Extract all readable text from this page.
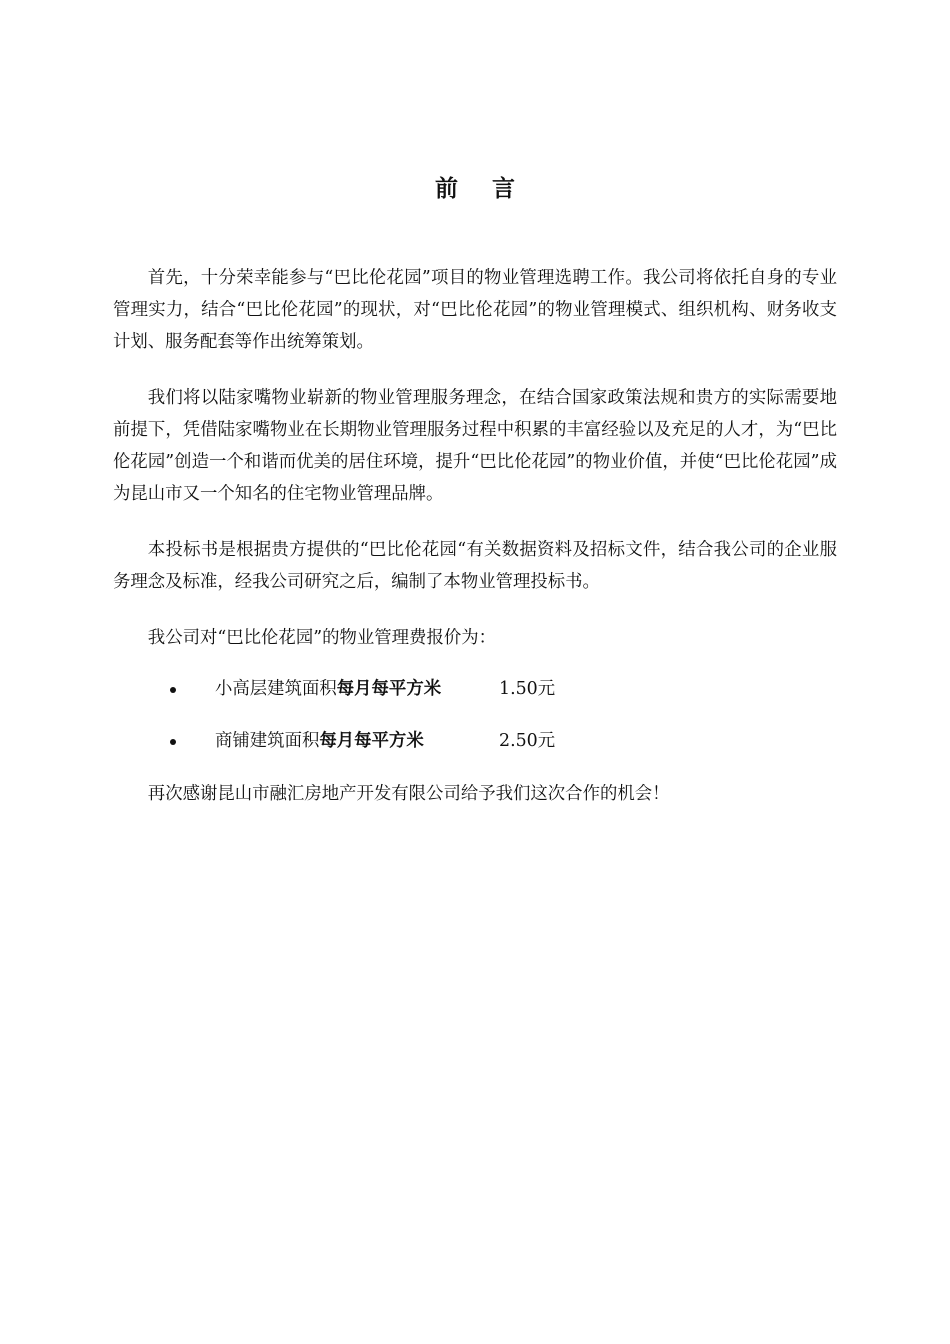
前 言

首先，十分荣幸能参与“巴比伦花园”项目的物业管理选聘工作。我公司将依托自身的专业管理实力，结合“巴比伦花园”的现状，对“巴比伦花园”的物业管理模式、组织机构、财务收支计划、服务配套等作出统筹策划。

我们将以陆家嘴物业崭新的物业管理服务理念，在结合国家政策法规和贵方的实际需要地前提下，凭借陆家嘴物业在长期物业管理服务过程中积累的丰富经验以及充足的人才，为“巴比伦花园”创造一个和谐而优美的居住环境，提升“巴比伦花园”的物业价值，并使“巴比伦花园”成为昆山市又一个知名的住宅物业管理品牌。

本投标书是根据贵方提供的“巴比伦花园“有关数据资料及招标文件，结合我公司的企业服务理念及标准，经我公司研究之后，编制了本物业管理投标书。

我公司对“巴比伦花园”的物业管理费报价为：

小高层建筑面积每月每平方米	1.50元
商铺建筑面积每月每平方米	2.50元

再次感谢昆山市融汇房地产开发有限公司给予我们这次合作的机会！
